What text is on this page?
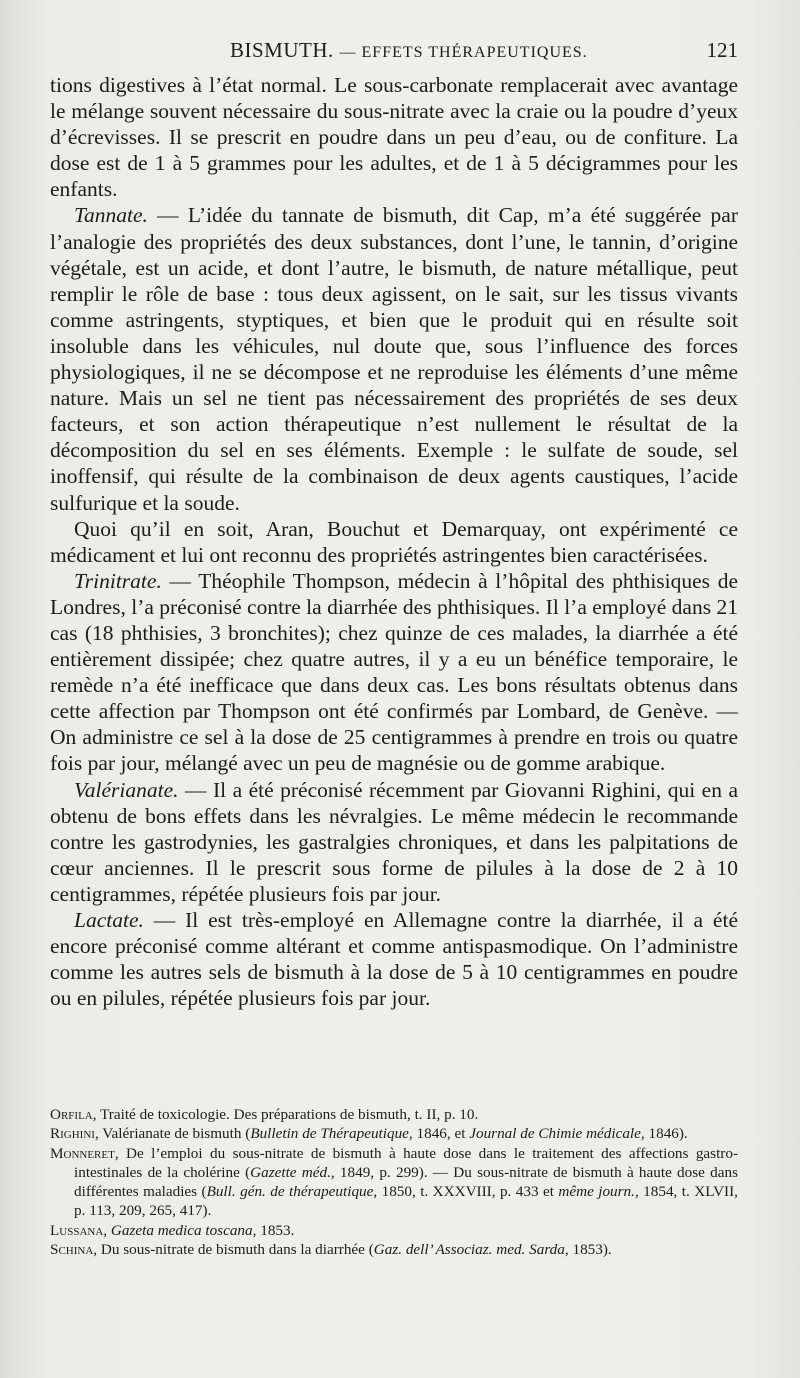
BISMUTH. — EFFETS THÉRAPEUTIQUES.	121

tions digestives à l’état normal. Le sous-carbonate remplacerait avec avantage le mélange souvent nécessaire du sous-nitrate avec la craie ou la poudre d’yeux d’écrevisses. Il se prescrit en poudre dans un peu d’eau, ou de confiture. La dose est de 1 à 5 grammes pour les adultes, et de 1 à 5 décigrammes pour les enfants.

Tannate. — L’idée du tannate de bismuth, dit Cap, m’a été suggérée par l’analogie des propriétés des deux substances, dont l’une, le tannin, d’origine végétale, est un acide, et dont l’autre, le bismuth, de nature métallique, peut remplir le rôle de base : tous deux agissent, on le sait, sur les tissus vivants comme astringents, styptiques, et bien que le produit qui en résulte soit insoluble dans les véhicules, nul doute que, sous l’influence des forces physiologiques, il ne se décompose et ne reproduise les éléments d’une même nature. Mais un sel ne tient pas nécessairement des propriétés de ses deux facteurs, et son action thérapeutique n’est nullement le résultat de la décomposition du sel en ses éléments. Exemple : le sulfate de soude, sel inoffensif, qui résulte de la combinaison de deux agents caustiques, l’acide sulfurique et la soude.

Quoi qu’il en soit, Aran, Bouchut et Demarquay, ont expérimenté ce médicament et lui ont reconnu des propriétés astringentes bien caractérisées.

Trinitrate. — Théophile Thompson, médecin à l’hôpital des phthisiques de Londres, l’a préconisé contre la diarrhée des phthisiques. Il l’a employé dans 21 cas (18 phthisies, 3 bronchites); chez quinze de ces malades, la diarrhée a été entièrement dissipée; chez quatre autres, il y a eu un bénéfice temporaire, le remède n’a été inefficace que dans deux cas. Les bons résultats obtenus dans cette affection par Thompson ont été confirmés par Lombard, de Genève. — On administre ce sel à la dose de 25 centigrammes à prendre en trois ou quatre fois par jour, mélangé avec un peu de magnésie ou de gomme arabique.

Valérianate. — Il a été préconisé récemment par Giovanni Righini, qui en a obtenu de bons effets dans les névralgies. Le même médecin le recommande contre les gastrodynies, les gastralgies chroniques, et dans les palpitations de cœur anciennes. Il le prescrit sous forme de pilules à la dose de 2 à 10 centigrammes, répétée plusieurs fois par jour.

Lactate. — Il est très-employé en Allemagne contre la diarrhée, il a été encore préconisé comme altérant et comme antispasmodique. On l’administre comme les autres sels de bismuth à la dose de 5 à 10 centigrammes en poudre ou en pilules, répétée plusieurs fois par jour.

Orfila, Traité de toxicologie. Des préparations de bismuth, t. II, p. 10.

Righini, Valérianate de bismuth (Bulletin de Thérapeutique, 1846, et Journal de Chimie médicale, 1846).

Monneret, De l’emploi du sous-nitrate de bismuth à haute dose dans le traitement des affections gastro-intestinales de la cholérine (Gazette méd., 1849, p. 299). — Du sous-nitrate de bismuth à haute dose dans différentes maladies (Bull. gén. de thérapeutique, 1850, t. XXXVIII, p. 433 et même journ., 1854, t. XLVII, p. 113, 209, 265, 417).

Lussana, Gazeta medica toscana, 1853.

Schina, Du sous-nitrate de bismuth dans la diarrhée (Gaz. dell’ Associaz. med. Sarda, 1853).
